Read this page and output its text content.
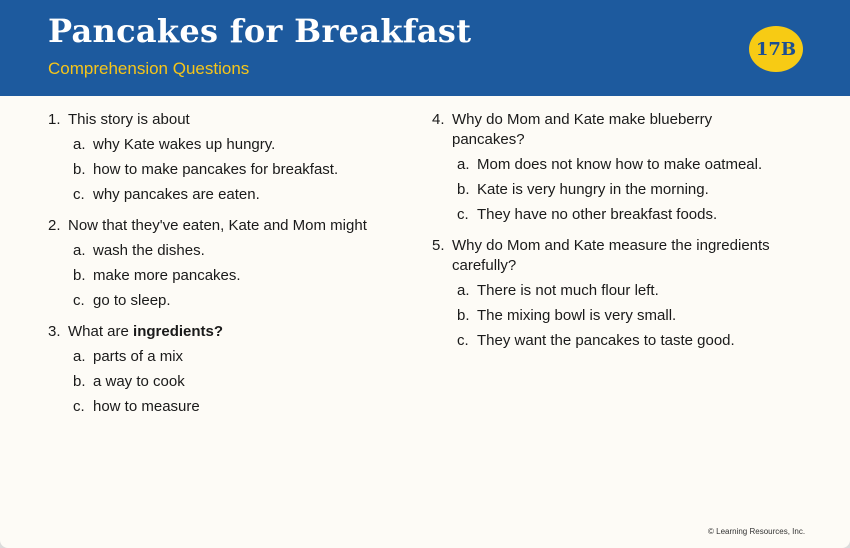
Pancakes for Breakfast
Comprehension Questions
17B
1. This story is about
a. why Kate wakes up hungry.
b. how to make pancakes for breakfast.
c. why pancakes are eaten.
2. Now that they've eaten, Kate and Mom might
a. wash the dishes.
b. make more pancakes.
c. go to sleep.
3. What are ingredients?
a. parts of a mix
b. a way to cook
c. how to measure
4. Why do Mom and Kate make blueberry pancakes?
a. Mom does not know how to make oatmeal.
b. Kate is very hungry in the morning.
c. They have no other breakfast foods.
5. Why do Mom and Kate measure the ingredients carefully?
a. There is not much flour left.
b. The mixing bowl is very small.
c. They want the pancakes to taste good.
© Learning Resources, Inc.
